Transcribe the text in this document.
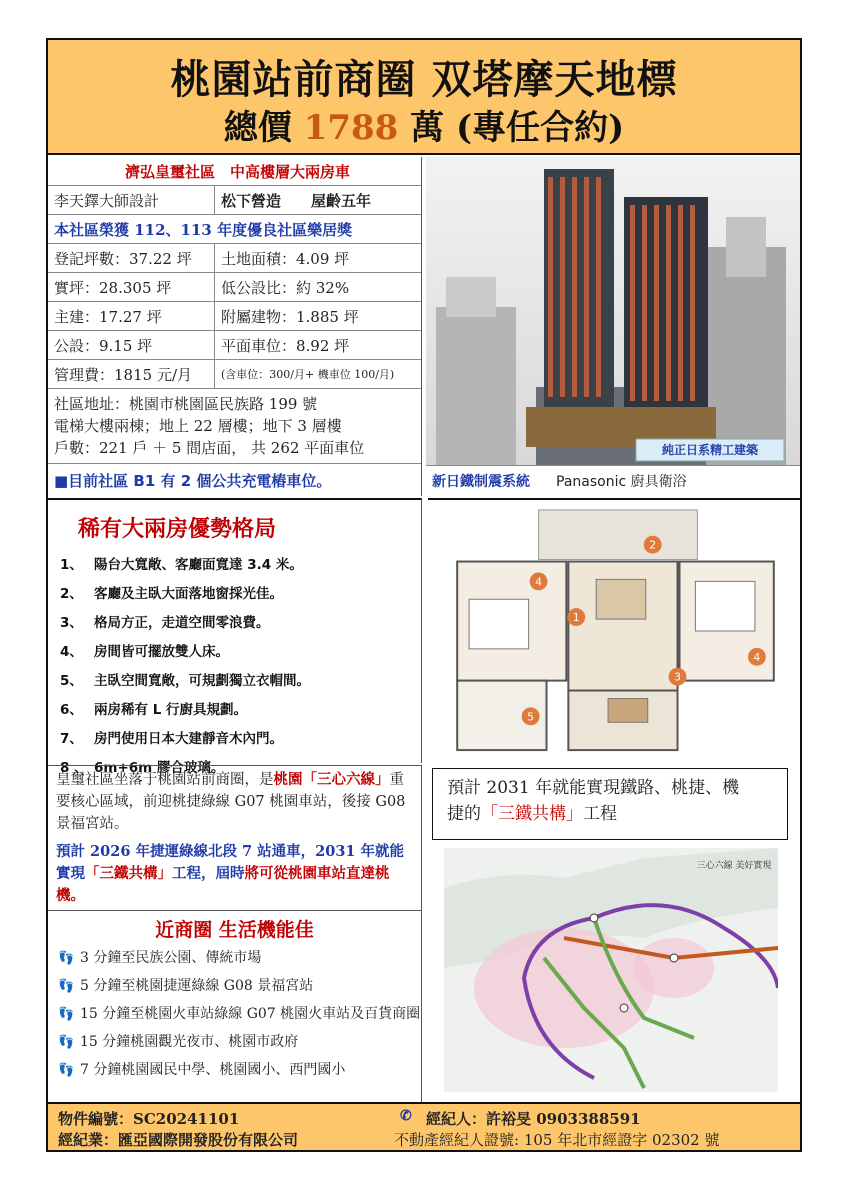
桃園站前商圈 双塔摩天地標
總價 1788 萬 (專任合約)
濟弘皇璽社區　中高樓層大兩房車
李天鐸大師設計	松下營造　　屋齡五年
本社區榮獲 112、113 年度優良社區樂居獎
登記坪數：37.22 坪	土地面積：4.09 坪
實坪：28.305 坪	低公設比：約 32%
主建：17.27 坪	附屬建物：1.885 坪
公設：9.15 坪	平面車位：8.92 坪
管理費：1815 元/月	(含車位：300/月+ 機車位 100/月)
社區地址：桃園市桃園區民族路 199 號
電梯大樓兩棟；地上 22 層樓；地下 3 層樓
戶數：221 戶 ＋ 5 間店面， 共 262 平面車位
■目前社區 B1 有 2 個公共充電樁車位。
純正日系精工建築
新日鐵制震系統 Panasonic 廚具衛浴
稀有大兩房優勢格局
1、 陽台大寬敞、客廳面寬達 3.4 米。
2、 客廳及主臥大面落地窗採光佳。
3、 格局方正，走道空間零浪費。
4、 房間皆可擺放雙人床。
5、 主臥空間寬敞，可規劃獨立衣帽間。
6、 兩房稀有 L 行廚具規劃。
7、 房門使用日本大建靜音木內門。
8 、 6m+6m 膠合玻璃。
1
2
3
4
4
5

皇璽社區坐落于桃園站前商圈，是桃園「三心六線」重要核心區域，前迎桃捷綠線 G07 桃園車站，後接 G08 景福宮站。

預計 2026 年捷運綠線北段 7 站通車，2031 年就能實現「三鐵共構」工程，屆時將可從桃園車站直達桃機。

近商圈 生活機能佳
👣 3 分鐘至民族公園、傳統市場
👣 5 分鐘至桃園捷運綠線 G08 景福宮站
👣 15 分鐘至桃園火車站綠線 G07 桃園火車站及百貨商圈
👣 15 分鐘桃園觀光夜市、桃園市政府
👣 7 分鐘桃園國民中學、桃園國小、西門國小
預計 2031 年就能實現鐵路、桃捷、機
捷的「三鐵共構」工程
三心六線 美好實現
物件編號：SC20241101	✆ 經紀人：許裕旻 0903388591
經紀業：匯亞國際開發股份有限公司	不動產經紀人證號: 105 年北市經證字 02302 號
